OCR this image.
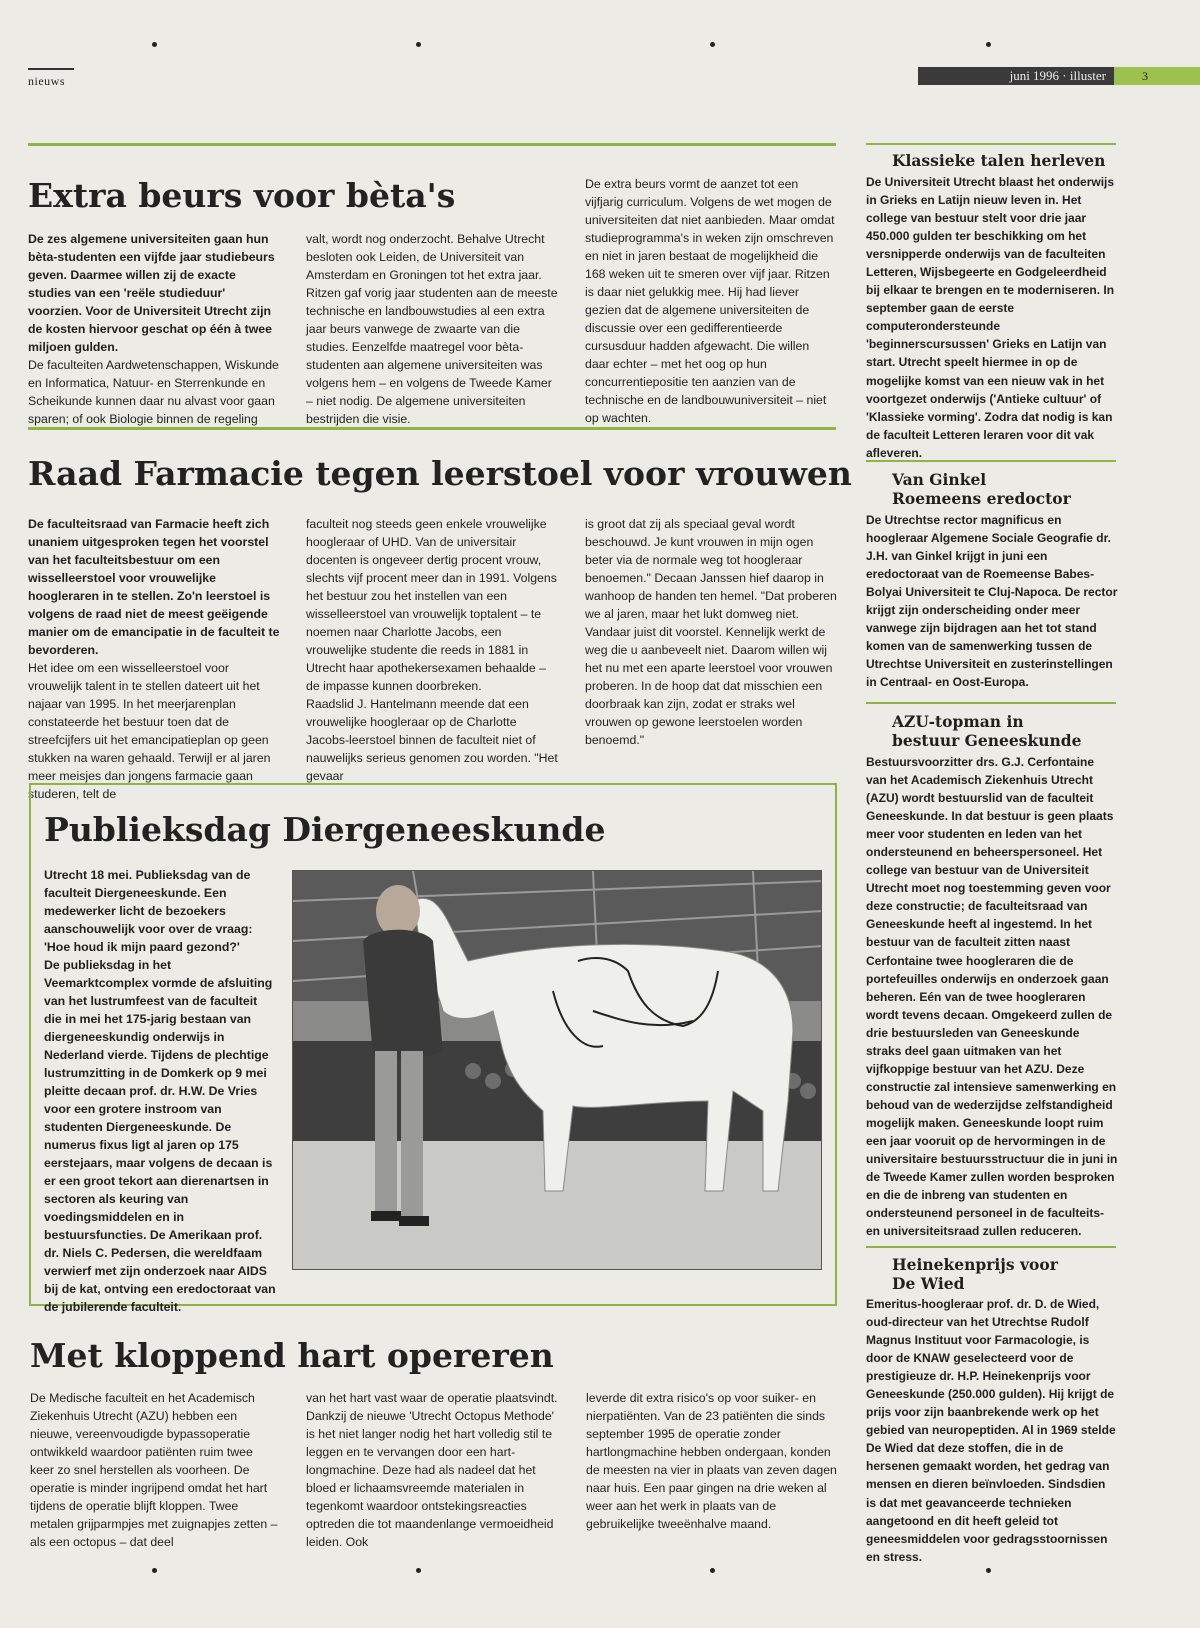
nieuws	juni 1996 · illuster	3
Extra beurs voor bèta's

De zes algemene universiteiten gaan hun bèta-studenten een vijfde jaar studiebeurs geven. Daarmee willen zij de exacte studies van een 'reële studieduur' voorzien. Voor de Universiteit Utrecht zijn de kosten hiervoor geschat op één à twee miljoen gulden.

De faculteiten Aardwetenschappen, Wiskunde en Informatica, Natuur- en Sterrenkunde en Scheikunde kunnen daar nu alvast voor gaan sparen; of ook Biologie binnen de regeling

valt, wordt nog onderzocht. Behalve Utrecht besloten ook Leiden, de Universiteit van Amsterdam en Groningen tot het extra jaar. Ritzen gaf vorig jaar studenten aan de meeste technische en landbouwstudies al een extra jaar beurs vanwege de zwaarte van die studies. Eenzelfde maatregel voor bèta-studenten aan algemene universiteiten was volgens hem – en volgens de Tweede Kamer – niet nodig. De algemene universiteiten bestrijden die visie.
De extra beurs vormt de aanzet tot een vijfjarig curriculum. Volgens de wet mogen de universiteiten dat niet aanbieden. Maar omdat studieprogramma's in weken zijn omschreven en niet in jaren bestaat de mogelijkheid die 168 weken uit te smeren over vijf jaar. Ritzen is daar niet gelukkig mee. Hij had liever gezien dat de algemene universiteiten de discussie over een gedifferentieerde cursusduur hadden afgewacht. Die willen daar echter – met het oog op hun concurrentiepositie ten aanzien van de technische en de landbouwuniversiteit – niet op wachten.
Raad Farmacie tegen leerstoel voor vrouwen

De faculteitsraad van Farmacie heeft zich unaniem uitgesproken tegen het voorstel van het faculteitsbestuur om een wisselleerstoel voor vrouwelijke hoogleraren in te stellen. Zo'n leerstoel is volgens de raad niet de meest geëigende manier om de emancipatie in de faculteit te bevorderen.

Het idee om een wisselleerstoel voor vrouwelijk talent in te stellen dateert uit het najaar van 1995. In het meerjarenplan constateerde het bestuur toen dat de streefcijfers uit het emancipatieplan op geen stukken na waren gehaald. Terwijl er al jaren meer meisjes dan jongens farmacie gaan studeren, telt de

faculteit nog steeds geen enkele vrouwelijke hoogleraar of UHD. Van de universitair docenten is ongeveer dertig procent vrouw, slechts vijf procent meer dan in 1991. Volgens het bestuur zou het instellen van een wisselleerstoel van vrouwelijk toptalent – te noemen naar Charlotte Jacobs, een vrouwelijke studente die reeds in 1881 in Utrecht haar apothekersexamen behaalde – de impasse kunnen doorbreken.

Raadslid J. Hantelmann meende dat een vrouwelijke hoogleraar op de Charlotte Jacobs-leerstoel binnen de faculteit niet of nauwelijks serieus genomen zou worden. "Het gevaar

is groot dat zij als speciaal geval wordt beschouwd. Je kunt vrouwen in mijn ogen beter via de normale weg tot hoogleraar benoemen." Decaan Janssen hief daarop in wanhoop de handen ten hemel. "Dat proberen we al jaren, maar het lukt domweg niet. Vandaar juist dit voorstel. Kennelijk werkt de weg die u aanbeveelt niet. Daarom willen wij het nu met een aparte leerstoel voor vrouwen proberen. In de hoop dat dat misschien een doorbraak kan zijn, zodat er straks wel vrouwen op gewone leerstoelen worden benoemd."
Publieksdag Diergeneeskunde

Utrecht 18 mei. Publieksdag van de faculteit Diergeneeskunde. Een medewerker licht de bezoekers aanschouwelijk voor over de vraag: 'Hoe houd ik mijn paard gezond?'

De publieksdag in het Veemarktcomplex vormde de afsluiting van het lustrumfeest van de faculteit die in mei het 175-jarig bestaan van diergeneeskundig onderwijs in Nederland vierde. Tijdens de plechtige lustrumzitting in de Domkerk op 9 mei pleitte decaan prof. dr. H.W. De Vries voor een grotere instroom van studenten Diergeneeskunde. De numerus fixus ligt al jaren op 175 eerstejaars, maar volgens de decaan is er een groot tekort aan dierenartsen in sectoren als keuring van voedingsmiddelen en in bestuursfuncties. De Amerikaan prof. dr. Niels C. Pedersen, die wereldfaam verwierf met zijn onderzoek naar AIDS bij de kat, ontving een eredoctoraat van de jubilerende faculteit.

Met kloppend hart opereren
De Medische faculteit en het Academisch Ziekenhuis Utrecht (AZU) hebben een nieuwe, vereenvoudigde bypassoperatie ontwikkeld waardoor patiënten ruim twee keer zo snel herstellen als voorheen. De operatie is minder ingrijpend omdat het hart tijdens de operatie blijft kloppen. Twee metalen grijparmpjes met zuignapjes zetten – als een octopus – dat deel
van het hart vast waar de operatie plaatsvindt. Dankzij de nieuwe 'Utrecht Octopus Methode' is het niet langer nodig het hart volledig stil te leggen en te vervangen door een hart-longmachine. Deze had als nadeel dat het bloed er lichaamsvreemde materialen in tegenkomt waardoor ontstekingsreacties optreden die tot maandenlange vermoeidheid leiden. Ook
leverde dit extra risico's op voor suiker- en nierpatiënten. Van de 23 patiënten die sinds september 1995 de operatie zonder hartlongmachine hebben ondergaan, konden de meesten na vier in plaats van zeven dagen naar huis. Een paar gingen na drie weken al weer aan het werk in plaats van de gebruikelijke tweeënhalve maand.
Klassieke talen herleven
De Universiteit Utrecht blaast het onderwijs in Grieks en Latijn nieuw leven in. Het college van bestuur stelt voor drie jaar 450.000 gulden ter beschikking om het versnipperde onderwijs van de faculteiten Letteren, Wijsbegeerte en Godgeleerdheid bij elkaar te brengen en te moderniseren. In september gaan de eerste computerondersteunde 'beginnerscursussen' Grieks en Latijn van start. Utrecht speelt hiermee in op de mogelijke komst van een nieuw vak in het voortgezet onderwijs ('Antieke cultuur' of 'Klassieke vorming'. Zodra dat nodig is kan de faculteit Letteren leraren voor dit vak afleveren.
Van Ginkel
Roemeens eredoctor
De Utrechtse rector magnificus en hoogleraar Algemene Sociale Geografie dr. J.H. van Ginkel krijgt in juni een eredoctoraat van de Roemeense Babes-Bolyai Universiteit te Cluj-Napoca. De rector krijgt zijn onderscheiding onder meer vanwege zijn bijdragen aan het tot stand komen van de samenwerking tussen de Utrechtse Universiteit en zusterinstellingen in Centraal- en Oost-Europa.
AZU-topman in
bestuur Geneeskunde
Bestuursvoorzitter drs. G.J. Cerfontaine van het Academisch Ziekenhuis Utrecht (AZU) wordt bestuurslid van de faculteit Geneeskunde. In dat bestuur is geen plaats meer voor studenten en leden van het ondersteunend en beheerspersoneel. Het college van bestuur van de Universiteit Utrecht moet nog toestemming geven voor deze constructie; de faculteitsraad van Geneeskunde heeft al ingestemd. In het bestuur van de faculteit zitten naast Cerfontaine twee hoogleraren die de portefeuilles onderwijs en onderzoek gaan beheren. Eén van de twee hoogleraren wordt tevens decaan. Omgekeerd zullen de drie bestuursleden van Geneeskunde straks deel gaan uitmaken van het vijfkoppige bestuur van het AZU. Deze constructie zal intensieve samenwerking en behoud van de wederzijdse zelfstandigheid mogelijk maken. Geneeskunde loopt ruim een jaar vooruit op de hervormingen in de universitaire bestuursstructuur die in juni in de Tweede Kamer zullen worden besproken en die de inbreng van studenten en ondersteunend personeel in de faculteits- en universiteitsraad zullen reduceren.
Heinekenprijs voor
De Wied
Emeritus-hoogleraar prof. dr. D. de Wied, oud-directeur van het Utrechtse Rudolf Magnus Instituut voor Farmacologie, is door de KNAW geselecteerd voor de prestigieuze dr. H.P. Heinekenprijs voor Geneeskunde (250.000 gulden). Hij krijgt de prijs voor zijn baanbrekende werk op het gebied van neuropeptiden. Al in 1969 stelde De Wied dat deze stoffen, die in de hersenen gemaakt worden, het gedrag van mensen en dieren beïnvloeden. Sindsdien is dat met geavanceerde technieken aangetoond en dit heeft geleid tot geneesmiddelen voor gedragsstoornissen en stress.
